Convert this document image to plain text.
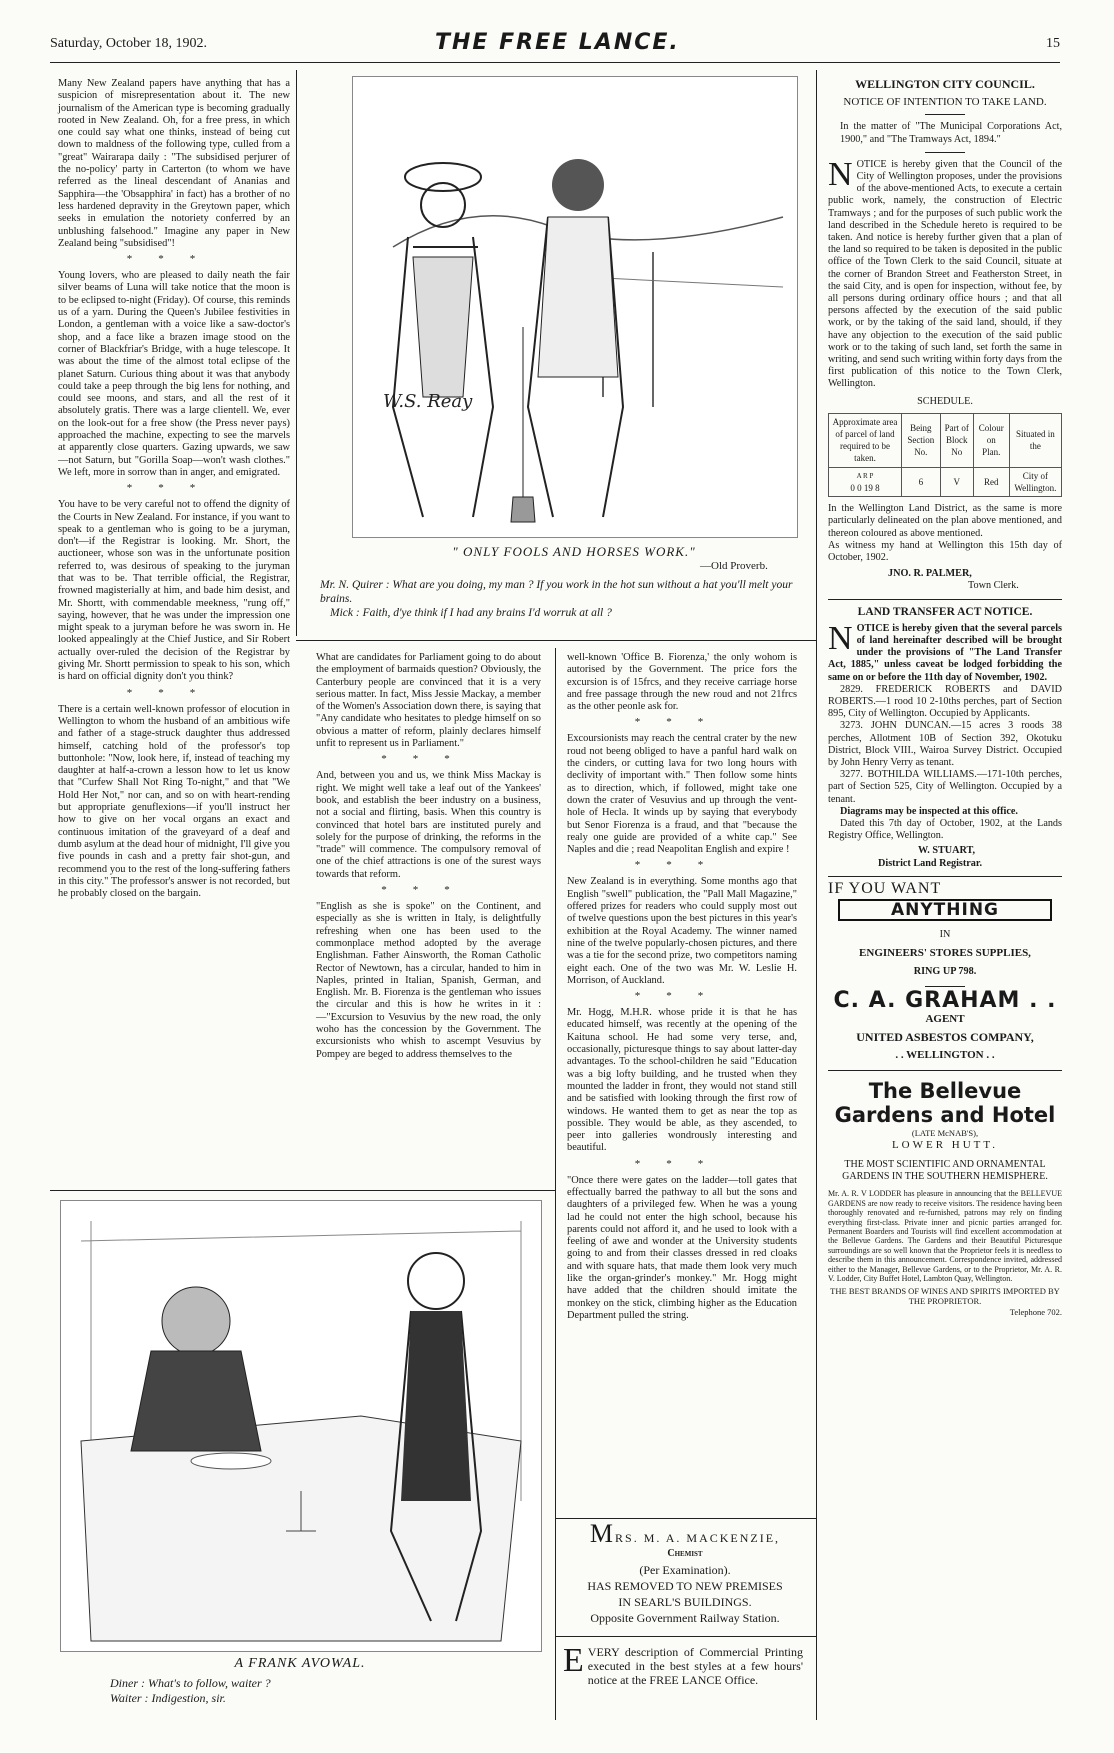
Saturday, October 18, 1902.	THE FREE LANCE.	15

Many New Zealand papers have anything that has a suspicion of misrepresentation about it. The new journalism of the American type is becoming gradually rooted in New Zealand. Oh, for a free press, in which one could say what one thinks, instead of being cut down to maldness of the following type, culled from a "great" Wairarapa daily : "The subsidised perjurer of the no-policy' party in Carterton (to whom we have referred as the lineal descendant of Ananias and Sapphira—the 'Obsapphira' in fact) has a brother of no less hardened depravity in the Greytown paper, which seeks in emulation the notoriety conferred by an unblushing falsehood." Imagine any paper in New Zealand being "subsidised"!

***

Young lovers, who are pleased to daily neath the fair silver beams of Luna will take notice that the moon is to be eclipsed to-night (Friday). Of course, this reminds us of a yarn. During the Queen's Jubilee festivities in London, a gentleman with a voice like a saw-doctor's shop, and a face like a brazen image stood on the corner of Blackfriar's Bridge, with a huge telescope. It was about the time of the almost total eclipse of the planet Saturn. Curious thing about it was that anybody could take a peep through the big lens for nothing, and could see moons, and stars, and all the rest of it absolutely gratis. There was a large clientell. We, ever on the look-out for a free show (the Press never pays) approached the machine, expecting to see the marvels at apparently close quarters. Gazing upwards, we saw—not Saturn, but "Gorilla Soap—won't wash clothes." We left, more in sorrow than in anger, and emigrated.

***

You have to be very careful not to offend the dignity of the Courts in New Zealand. For instance, if you want to speak to a gentleman who is going to be a juryman, don't—if the Registrar is looking. Mr. Short, the auctioneer, whose son was in the unfortunate position referred to, was desirous of speaking to the juryman that was to be. That terrible official, the Registrar, frowned magisterially at him, and bade him desist, and Mr. Shortt, with commendable meekness, "rung off," saying, however, that he was under the impression one might speak to a juryman before he was sworn in. He looked appealingly at the Chief Justice, and Sir Robert actually over-ruled the decision of the Registrar by giving Mr. Shortt permission to speak to his son, which is hard on official dignity don't you think?

***

There is a certain well-known professor of elocution in Wellington to whom the husband of an ambitious wife and father of a stage-struck daughter thus addressed himself, catching hold of the professor's top buttonhole: "Now, look here, if, instead of teaching my daughter at half-a-crown a lesson how to let us know that "Curfew Shall Not Ring To-night," and that "We Hold Her Not," nor can, and so on with heart-rending but appropriate genuflexions—if you'll instruct her how to give on her vocal organs an exact and continuous imitation of the graveyard of a deaf and dumb asylum at the dead hour of midnight, I'll give you five pounds in cash and a pretty fair shot-gun, and recommend you to the rest of the long-suffering fathers in this city." The professor's answer is not recorded, but he probably closed on the bargain.

W.S. Reay
" ONLY FOOLS AND HORSES WORK."
—Old Proverb.
Mr. N. Quirer : What are you doing, my man ? If you work in the hot sun without a hat you'll melt your brains.
Mick : Faith, d'ye think if I had any brains I'd worruk at all ?

What are candidates for Parliament going to do about the employment of barmaids question? Obviously, the Canterbury people are convinced that it is a very serious matter. In fact, Miss Jessie Mackay, a member of the Women's Association down there, is saying that "Any candidate who hesitates to pledge himself on so obvious a matter of reform, plainly declares himself unfit to represent us in Parliament."

***

And, between you and us, we think Miss Mackay is right. We might well take a leaf out of the Yankees' book, and establish the beer industry on a business, not a social and flirting, basis. When this country is convinced that hotel bars are instituted purely and solely for the purpose of drinking, the reforms in the "trade" will commence. The compulsory removal of one of the chief attractions is one of the surest ways towards that reform.

***

"English as she is spoke" on the Continent, and especially as she is written in Italy, is delightfully refreshing when one has been used to the commonplace method adopted by the average Englishman. Father Ainsworth, the Roman Catholic Rector of Newtown, has a circular, handed to him in Naples, printed in Italian, Spanish, German, and English. Mr. B. Fiorenza is the gentleman who issues the circular and this is how he writes in it :—"Excursion to Vesuvius by the new road, the only woho has the concession by the Government. The excursionists who whish to ascempt Vesuvius by Pompey are beged to address themselves to the

well-known 'Office B. Fiorenza,' the only wohom is autorised by the Government. The price fors the excursion is of 15frcs, and they receive carriage horse and free passage through the new roud and not 21frcs as the other peonle ask for.

***

Excoursionists may reach the central crater by the new roud not beeng obliged to have a panful hard walk on the cinders, or cutting lava for two long hours with declivity of important with." Then follow some hints as to direction, which, if followed, might take one down the crater of Vesuvius and up through the vent-hole of Hecla. It winds up by saying that everybody but Senor Fiorenza is a fraud, and that "because the realy one guide are provided of a white cap." See Naples and die ; read Neapolitan English and expire !

***

New Zealand is in everything. Some months ago that English "swell" publication, the "Pall Mall Magazine," offered prizes for readers who could supply most out of twelve questions upon the best pictures in this year's exhibition at the Royal Academy. The winner named nine of the twelve popularly-chosen pictures, and there was a tie for the second prize, two competitors naming eight each. One of the two was Mr. W. Leslie H. Morrison, of Auckland.

***

Mr. Hogg, M.H.R. whose pride it is that he has educated himself, was recently at the opening of the Kaituna school. He had some very terse, and, occasionally, picturesque things to say about latter-day advantages. To the school-children he said "Education was a big lofty building, and he trusted when they mounted the ladder in front, they would not stand still and be satisfied with looking through the first row of windows. He wanted them to get as near the top as possible. They would be able, as they ascended, to peer into galleries wondrously interesting and beautiful.

***

"Once there were gates on the ladder—toll gates that effectually barred the pathway to all but the sons and daughters of a privileged few. When he was a young lad he could not enter the high school, because his parents could not afford it, and he used to look with a feeling of awe and wonder at the University students going to and from their classes dressed in red cloaks and with square hats, that made them look very much like the organ-grinder's monkey." Mr. Hogg might have added that the children should imitate the monkey on the stick, climbing higher as the Education Department pulled the string.

A FRANK AVOWAL.
Diner : What's to follow, waiter ?
Waiter : Indigestion, sir.
MRS. M. A. MACKENZIE,
Chemist
(Per Examination).
HAS REMOVED TO NEW PREMISES
IN SEARL'S BUILDINGS.
Opposite Government Railway Station.
EVERY description of Commercial Printing executed in the best styles at a few hours' notice at the FREE LANCE Office.
WELLINGTON CITY COUNCIL.
NOTICE OF INTENTION TO TAKE LAND.
In the matter of "The Municipal Corporations Act, 1900," and "The Tramways Act, 1894."
NOTICE is hereby given that the Council of the City of Wellington proposes, under the provisions of the above-mentioned Acts, to execute a certain public work, namely, the construction of Electric Tramways ; and for the purposes of such public work the land described in the Schedule hereto is required to be taken. And notice is hereby further given that a plan of the land so required to be taken is deposited in the public office of the Town Clerk to the said Council, situate at the corner of Brandon Street and Featherston Street, in the said City, and is open for inspection, without fee, by all persons during ordinary office hours ; and that all persons affected by the execution of the said public work, or by the taking of the said land, should, if they have any objection to the execution of the said public work or to the taking of such land, set forth the same in writing, and send such writing within forty days from the first publication of this notice to the Town Clerk, Wellington.
SCHEDULE.
Approximate area of parcel of land required to be taken.	Being Section No.	Part of Block No	Colour on Plan.	Situated in the

A R P
0 0 19 8	6	V	Red	City of Wellington.
In the Wellington Land District, as the same is more particularly delineated on the plan above mentioned, and thereon coloured as above mentioned.
As witness my hand at Wellington this 15th day of October, 1902.
JNO. R. PALMER,
Town Clerk.
LAND TRANSFER ACT NOTICE.
NOTICE is hereby given that the several parcels of land hereinafter described will be brought under the provisions of "The Land Transfer Act, 1885," unless caveat be lodged forbidding the same on or before the 11th day of November, 1902.
2829. FREDERICK ROBERTS and DAVID ROBERTS.—1 rood 10 2-10ths perches, part of Section 895, City of Wellington. Occupied by Applicants.
3273. JOHN DUNCAN.—15 acres 3 roods 38 perches, Allotment 10B of Section 392, Okotuku District, Block VIII., Wairoa Survey District. Occupied by John Henry Verry as tenant.
3277. BOTHILDA WILLIAMS.—171-10th perches, part of Section 525, City of Wellington. Occupied by a tenant.
Diagrams may be inspected at this office.
Dated this 7th day of October, 1902, at the Lands Registry Office, Wellington.
W. STUART,
District Land Registrar.
IF YOU WANT
ANYTHING
IN
ENGINEERS' STORES SUPPLIES,
RING UP 798.
C. A. GRAHAM . .
AGENT
UNITED ASBESTOS COMPANY,
. . WELLINGTON . .
The Bellevue Gardens and Hotel
(LATE McNAB'S),
LOWER HUTT.
THE MOST SCIENTIFIC AND ORNAMENTAL GARDENS IN THE SOUTHERN HEMISPHERE.
Mr. A. R. V LODDER has pleasure in announcing that the BELLEVUE GARDENS are now ready to receive visitors. The residence having been thoroughly renovated and re-furnished, patrons may rely on finding everything first-class. Private inner and picnic parties arranged for. Permanent Boarders and Tourists will find excellent accommodation at the Bellevue Gardens. The Gardens and their Beautiful Picturesque surroundings are so well known that the Proprietor feels it is needless to describe them in this announcement. Correspondence invited, addressed either to the Manager, Bellevue Gardens, or to the Proprietor, Mr. A. R. V. Lodder, City Buffet Hotel, Lambton Quay, Wellington.
THE BEST BRANDS OF WINES AND SPIRITS IMPORTED BY THE PROPRIETOR.
Telephone 702.
